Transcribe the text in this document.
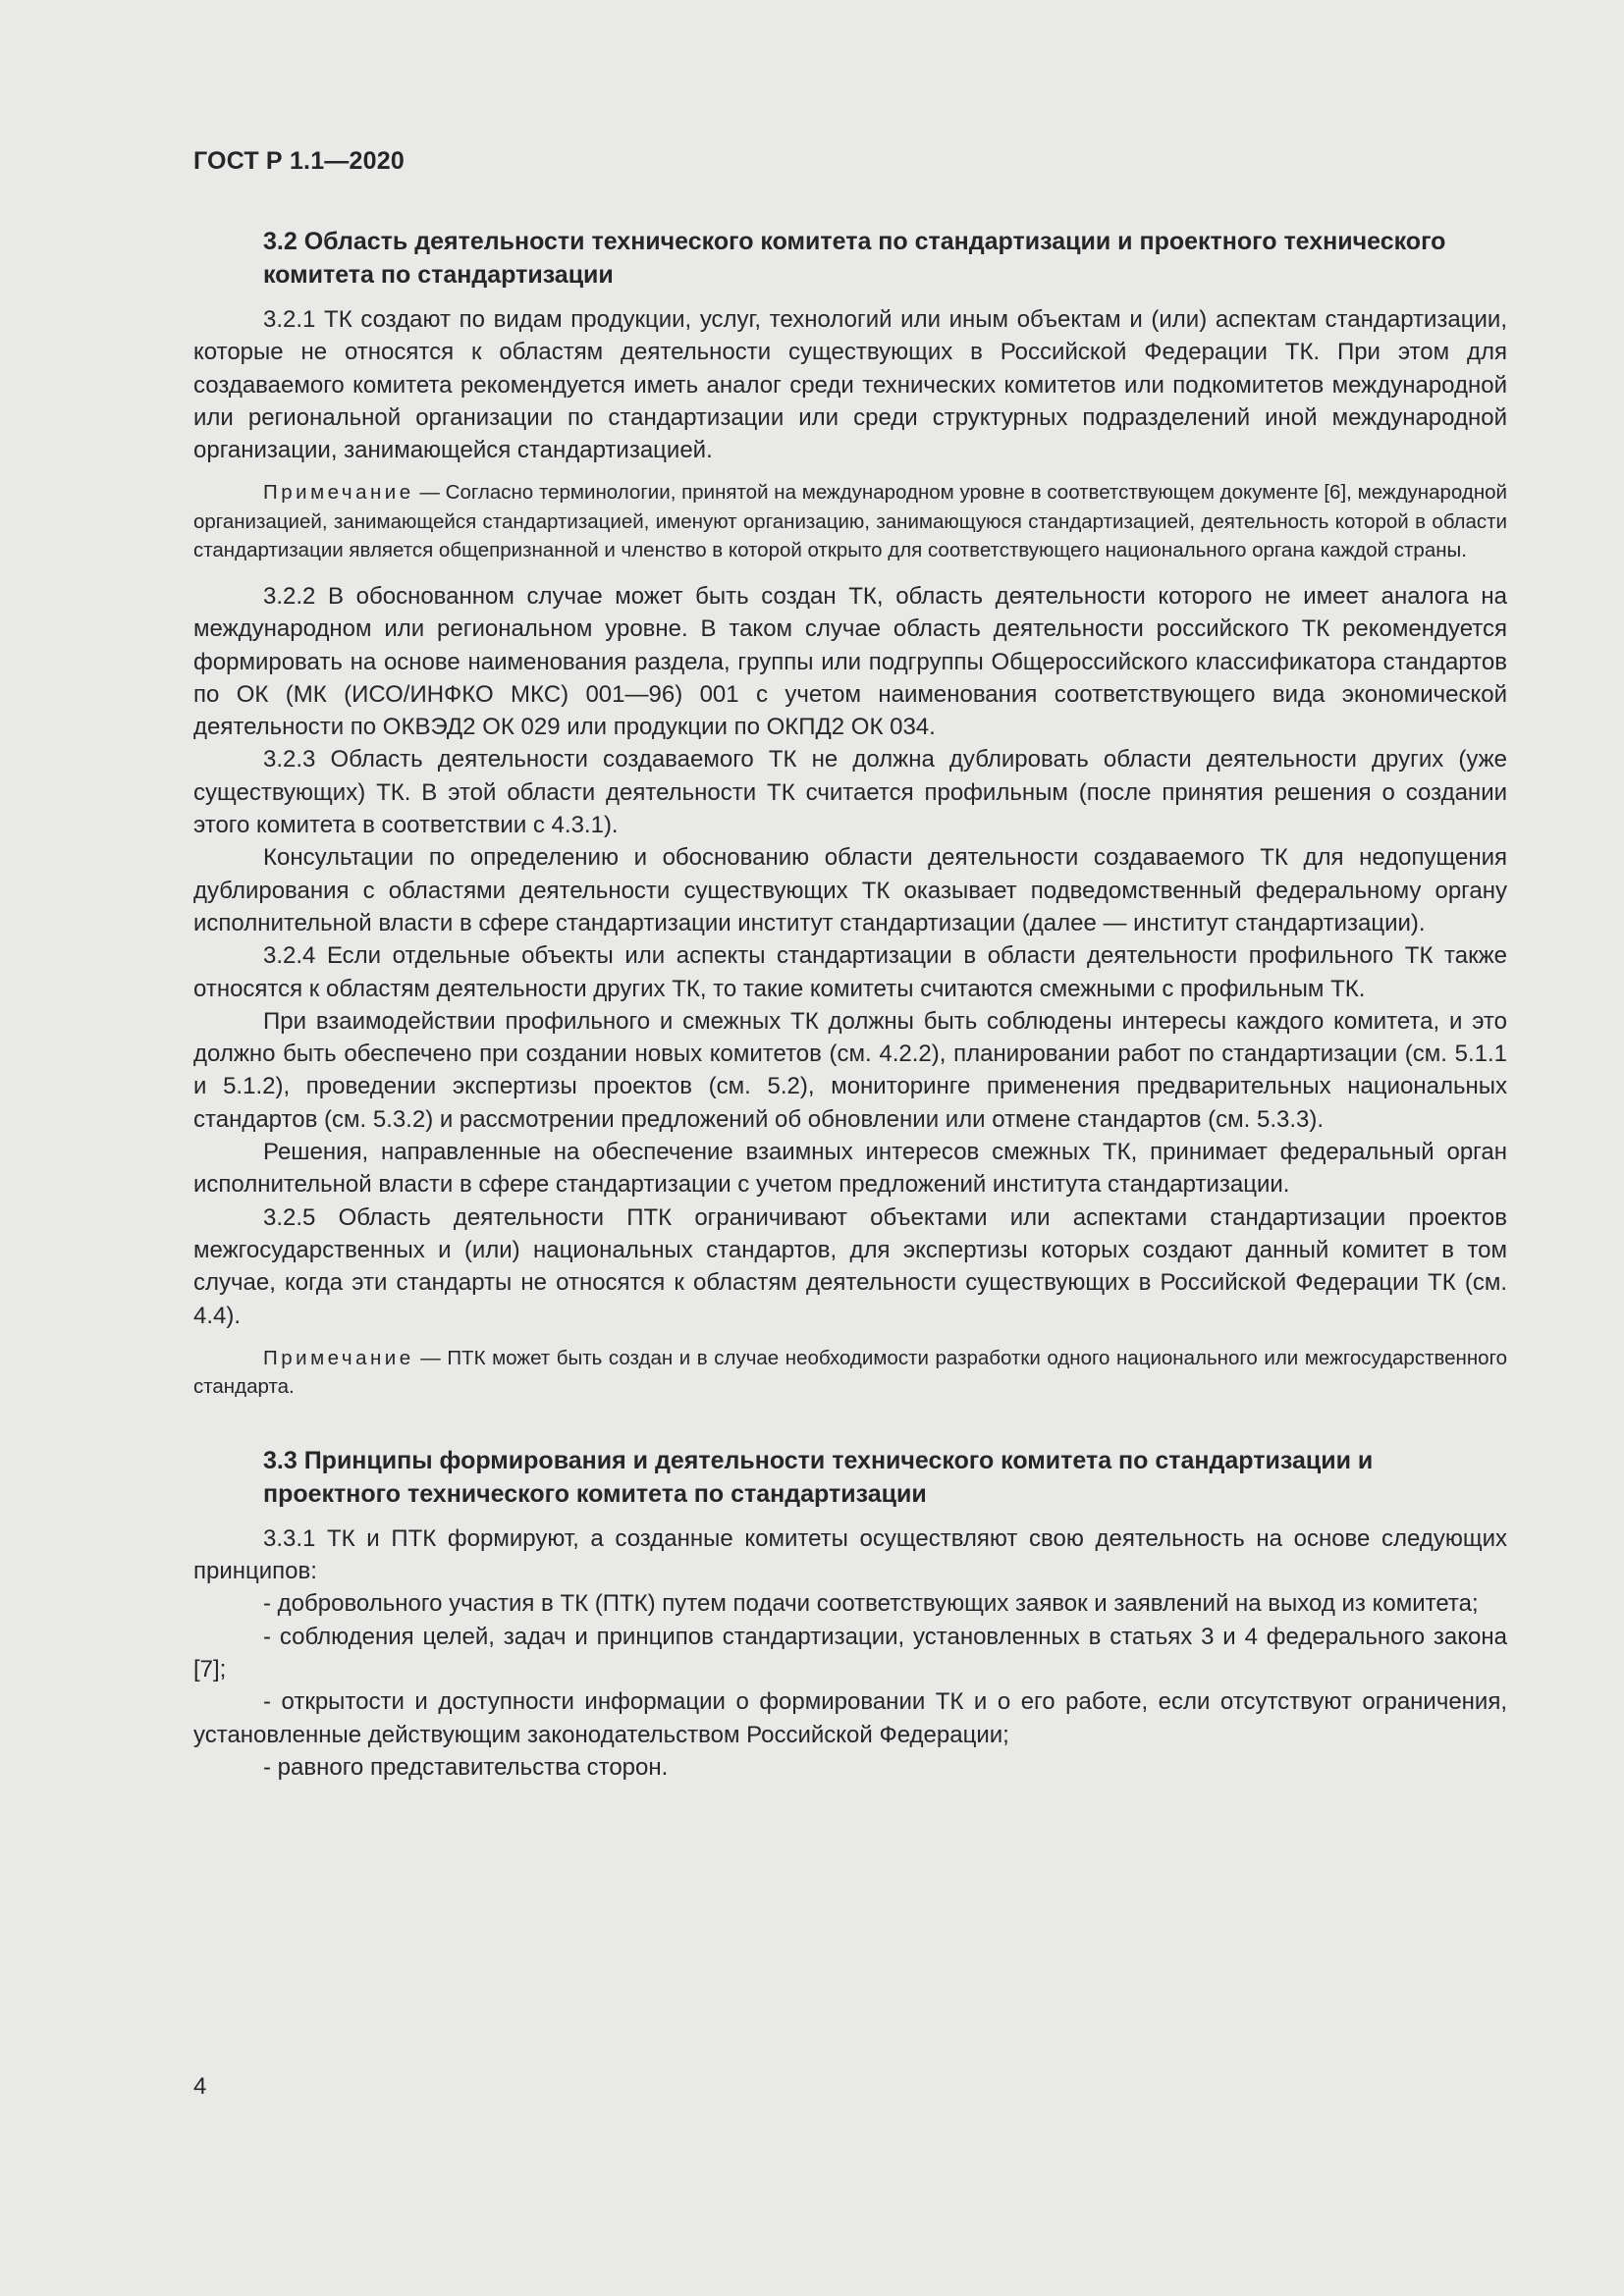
ГОСТ Р 1.1—2020
3.2 Область деятельности технического комитета по стандартизации и проектного технического комитета по стандартизации

3.2.1 ТК создают по видам продукции, услуг, технологий или иным объектам и (или) аспектам стандартизации, которые не относятся к областям деятельности существующих в Российской Федерации ТК. При этом для создаваемого комитета рекомендуется иметь аналог среди технических комитетов или подкомитетов международной или региональной организации по стандартизации или среди структурных подразделений иной международной организации, занимающейся стандартизацией.

Примечание — Согласно терминологии, принятой на международном уровне в соответствующем документе [6], международной организацией, занимающейся стандартизацией, именуют организацию, занимающуюся стандартизацией, деятельность которой в области стандартизации является общепризнанной и членство в которой открыто для соответствующего национального органа каждой страны.

3.2.2 В обоснованном случае может быть создан ТК, область деятельности которого не имеет аналога на международном или региональном уровне. В таком случае область деятельности российского ТК рекомендуется формировать на основе наименования раздела, группы или подгруппы Общероссийского классификатора стандартов по ОК (МК (ИСО/ИНФКО МКС) 001—96) 001 с учетом наименования соответствующего вида экономической деятельности по ОКВЭД2 ОК 029 или продукции по ОКПД2 ОК 034.

3.2.3 Область деятельности создаваемого ТК не должна дублировать области деятельности других (уже существующих) ТК. В этой области деятельности ТК считается профильным (после принятия решения о создании этого комитета в соответствии с 4.3.1).

Консультации по определению и обоснованию области деятельности создаваемого ТК для недопущения дублирования с областями деятельности существующих ТК оказывает подведомственный федеральному органу исполнительной власти в сфере стандартизации институт стандартизации (далее — институт стандартизации).

3.2.4 Если отдельные объекты или аспекты стандартизации в области деятельности профильного ТК также относятся к областям деятельности других ТК, то такие комитеты считаются смежными с профильным ТК.

При взаимодействии профильного и смежных ТК должны быть соблюдены интересы каждого комитета, и это должно быть обеспечено при создании новых комитетов (см. 4.2.2), планировании работ по стандартизации (см. 5.1.1 и 5.1.2), проведении экспертизы проектов (см. 5.2), мониторинге применения предварительных национальных стандартов (см. 5.3.2) и рассмотрении предложений об обновлении или отмене стандартов (см. 5.3.3).

Решения, направленные на обеспечение взаимных интересов смежных ТК, принимает федеральный орган исполнительной власти в сфере стандартизации с учетом предложений института стандартизации.

3.2.5 Область деятельности ПТК ограничивают объектами или аспектами стандартизации проектов межгосударственных и (или) национальных стандартов, для экспертизы которых создают данный комитет в том случае, когда эти стандарты не относятся к областям деятельности существующих в Российской Федерации ТК (см. 4.4).

Примечание — ПТК может быть создан и в случае необходимости разработки одного национального или межгосударственного стандарта.

3.3 Принципы формирования и деятельности технического комитета по стандартизации и проектного технического комитета по стандартизации

3.3.1 ТК и ПТК формируют, а созданные комитеты осуществляют свою деятельность на основе следующих принципов:

- добровольного участия в ТК (ПТК) путем подачи соответствующих заявок и заявлений на выход из комитета;

- соблюдения целей, задач и принципов стандартизации, установленных в статьях 3 и 4 федерального закона [7];

- открытости и доступности информации о формировании ТК и о его работе, если отсутствуют ограничения, установленные действующим законодательством Российской Федерации;

- равного представительства сторон.

4
